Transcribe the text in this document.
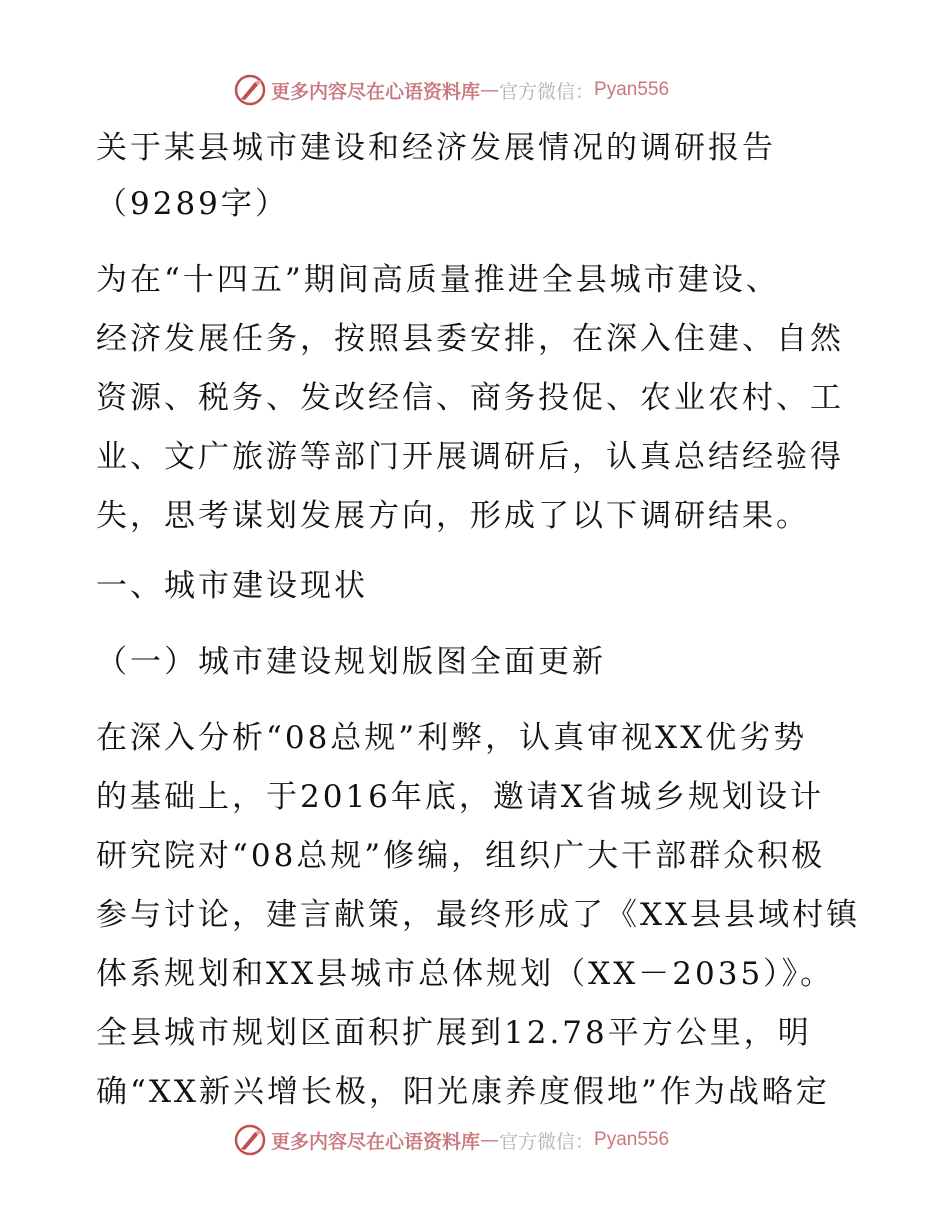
更多内容尽在心语资料库 — 官方微信： Pyan556
关于某县城市建设和经济发展情况的调研报告
（9289字）
为在“十四五”期间高质量推进全县城市建设、
经济发展任务，按照县委安排，在深入住建、自然
资源、税务、发改经信、商务投促、农业农村、工
业、文广旅游等部门开展调研后，认真总结经验得
失，思考谋划发展方向，形成了以下调研结果。
一、城市建设现状
（一）城市建设规划版图全面更新
在深入分析“08总规”利弊，认真审视XX优劣势
的基础上，于2016年底，邀请X省城乡规划设计
研究院对“08总规”修编，组织广大干部群众积极
参与讨论，建言献策，最终形成了《XX县县域村镇
体系规划和XX县城市总体规划（XX－2035）》。
全县城市规划区面积扩展到12.78平方公里，明
确“XX新兴增长极，阳光康养度假地”作为战略定
更多内容尽在心语资料库 — 官方微信： Pyan556
